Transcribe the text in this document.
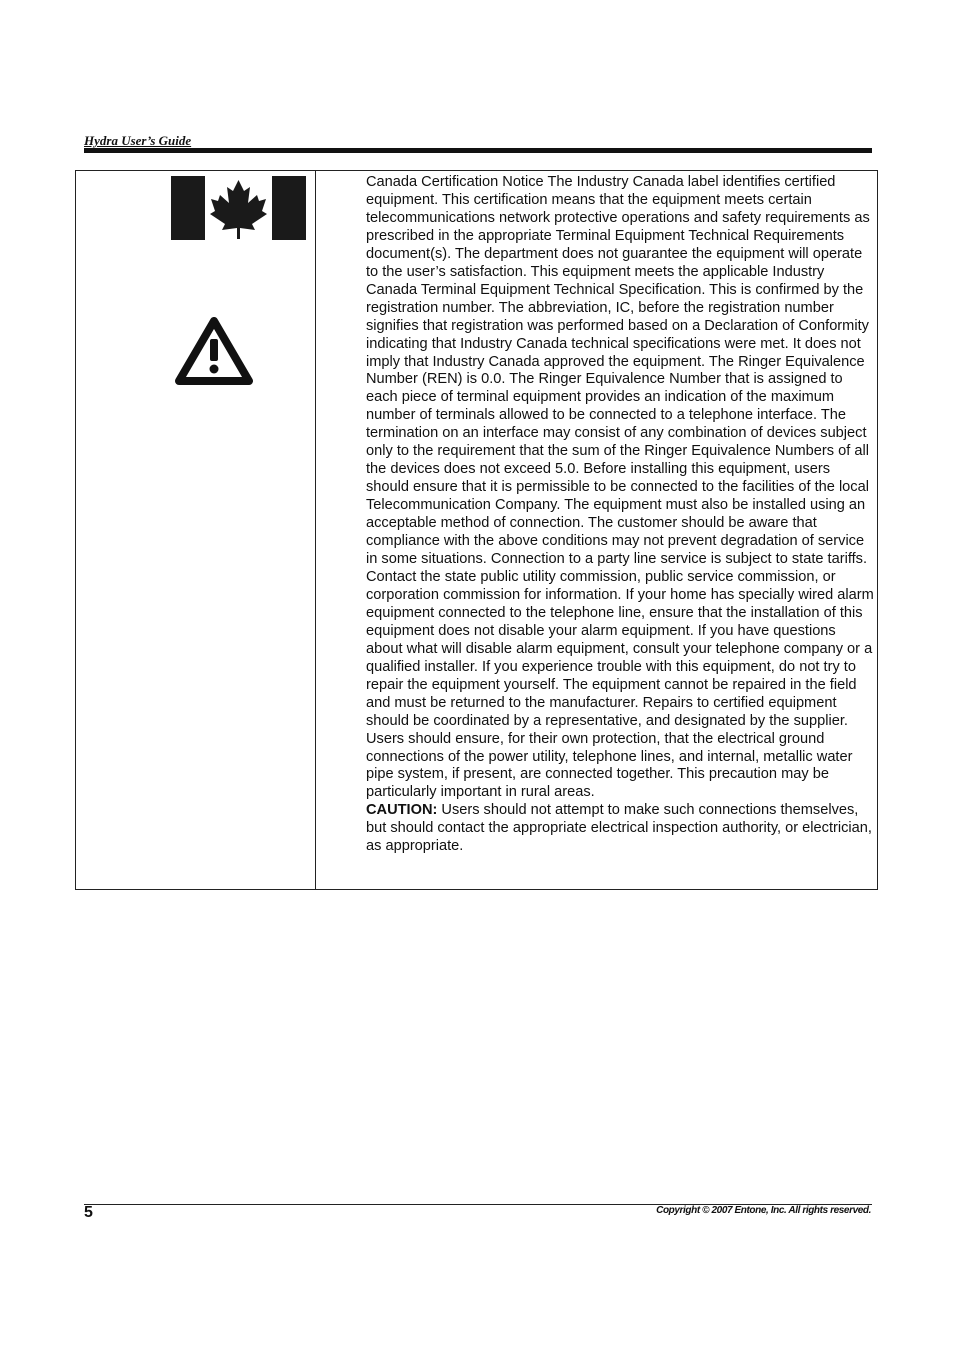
Hydra User’s Guide

Canada Certification Notice The Industry Canada label identifies certified equipment. This certification means that the equipment meets certain telecommunications network protective operations and safety requirements as prescribed in the appropriate Terminal Equipment Technical Requirements document(s). The department does not guarantee the equipment will operate to the user’s satisfaction. This equipment meets the applicable Industry Canada Terminal Equipment Technical Specification. This is confirmed by the registration number. The abbreviation, IC, before the registration number signifies that registration was performed based on a Declaration of Conformity indicating that Industry Canada technical specifications were met. It does not imply that Industry Canada approved the equipment. The Ringer Equivalence Number (REN) is 0.0. The Ringer Equivalence Number that is assigned to each piece of terminal equipment provides an indication of the maximum number of terminals allowed to be connected to a telephone interface. The termination on an interface may consist of any combination of devices subject only to the requirement that the sum of the Ringer Equivalence Numbers of all the devices does not exceed 5.0. Before installing this equipment, users should ensure that it is permissible to be connected to the facilities of the local Telecommunication Company. The equipment must also be installed using an acceptable method of connection. The customer should be aware that compliance with the above conditions may not prevent degradation of service in some situations. Connection to a party line service is subject to state tariffs. Contact the state public utility commission, public service commission, or corporation commission for information. If your home has specially wired alarm equipment connected to the telephone line, ensure that the installation of this equipment does not disable your alarm equipment. If you have questions about what will disable alarm equipment, consult your telephone company or a qualified installer. If you experience trouble with this equipment, do not try to repair the equipment yourself. The equipment cannot be repaired in the field and must be returned to the manufacturer. Repairs to certified equipment should be coordinated by a representative, and designated by the supplier. Users should ensure, for their own protection, that the electrical ground connections of the power utility, telephone lines, and internal, metallic water pipe system, if present, are connected together. This precaution may be particularly important in rural areas.
CAUTION: Users should not attempt to make such connections themselves, but should contact the appropriate electrical inspection authority, or electrician, as appropriate.

5	Copyright © 2007 Entone, Inc. All rights reserved.
